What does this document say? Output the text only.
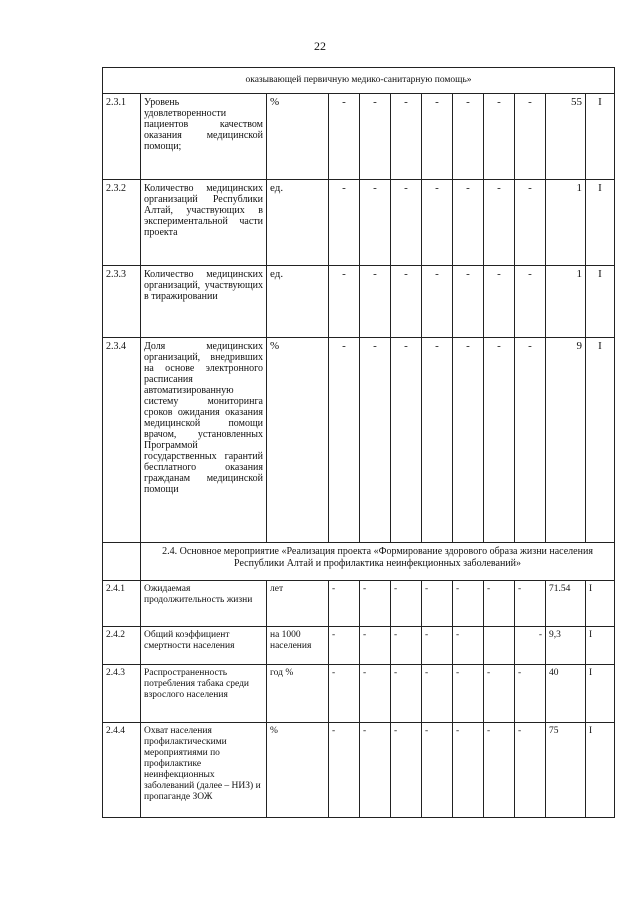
22
оказывающей первичную медико-санитарную помощь»											
2.3.1	Уровень удовлетворенности пациентов качеством оказания медицинской помощи;	%	-	-	-	-	-	-	-	55	I
2.3.2	Количество медицинских организаций Республики Алтай, участвующих в экспериментальной части проекта	ед.	-	-	-	-	-	-	-	1	I
2.3.3	Количество медицинских организаций, участвующих в тиражировании	ед.	-	-	-	-	-	-	-	1	I
2.3.4	Доля медицинских организаций, внедривших на основе электронного расписания автоматизированную систему мониторинга сроков ожидания оказания медицинской помощи врачом, установленных Программой государственных гарантий бесплатного оказания гражданам медицинской помощи	%	-	-	-	-	-	-	-	9	I
	2.4. Основное мероприятие «Реализация проекта «Формирование здорового образа жизни населения Республики Алтай и профилактика неинфекционных заболеваний»										
2.4.1	Ожидаемая продолжительность жизни	лет	-	-	-	-	-	-	-	71.54	I
2.4.2	Общий коэффициент смертности населения	на 1000 населения	-	-	-	-	-		-	9,3	I
2.4.3	Распространенность потребления табака среди взрослого населения	год %	-	-	-	-	-	-	-	40	I
2.4.4	Охват населения профилактическими мероприятиями по профилактике неинфекционных заболеваний (далее – НИЗ) и пропаганде ЗОЖ	%	-	-	-	-	-	-	-	75	I
